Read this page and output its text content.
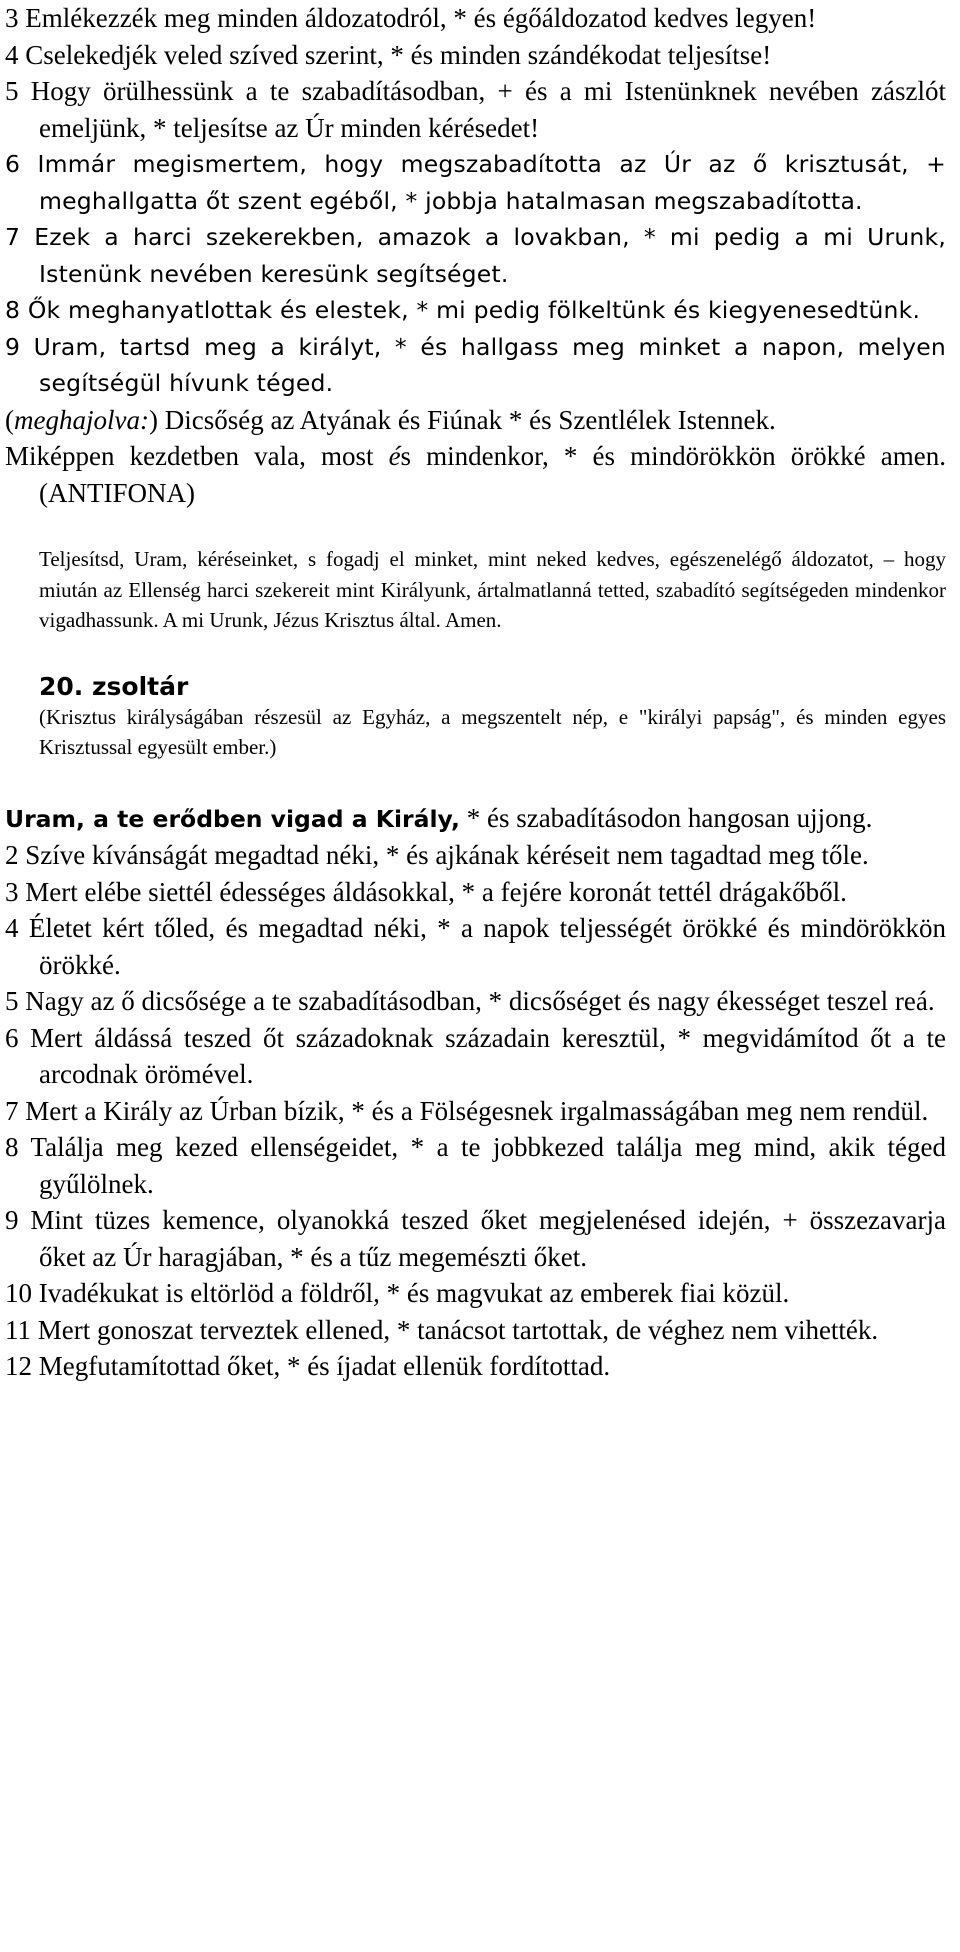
3 Emlékezzék meg minden áldozatodról, * és égőáldozatod kedves legyen!

4 Cselekedjék veled szíved szerint, * és minden szándékodat teljesítse!

5 Hogy örülhessünk a te szabadításodban, + és a mi Istenünknek nevében zászlót emeljünk, * teljesítse az Úr minden kérésedet!

6 Immár megismertem, hogy megszabadította az Úr az ő krisztusát, + meghallgatta őt szent egéből, * jobbja hatalmasan megszabadította.

7 Ezek a harci szekerekben, amazok a lovakban, * mi pedig a mi Urunk, Istenünk nevében keresünk segítséget.

8 Ők meghanyatlottak és elestek, * mi pedig fölkeltünk és kiegyenesedtünk.

9 Uram, tartsd meg a királyt, * és hallgass meg minket a napon, melyen segítségül hívunk téged.

(meghajolva:) Dicsőség az Atyának és Fiúnak * és Szentlélek Istennek.

Miképpen kezdetben vala, most és mindenkor, * és mindörökkön örökké amen. (ANTIFONA)

Teljesítsd, Uram, kéréseinket, s fogadj el minket, mint neked kedves, egészenelégő áldozatot, – hogy miután az Ellenség harci szekereit mint Királyunk, ártalmatlanná tetted, szabadító segítségeden mindenkor vigadhassunk. A mi Urunk, Jézus Krisztus által. Amen.

20. zsoltár

(Krisztus királyságában részesül az Egyház, a megszentelt nép, e "királyi papság", és minden egyes Krisztussal egyesült ember.)

Uram, a te erődben vigad a Király, * és szabadításodon hangosan ujjong.

2 Szíve kívánságát megadtad néki, * és ajkának kéréseit nem tagadtad meg tőle.

3 Mert elébe siettél édességes áldásokkal, * a fejére koronát tettél drágakőből.

4 Életet kért tőled, és megadtad néki, * a napok teljességét örökké és mindörökkön örökké.

5 Nagy az ő dicsősége a te szabadításodban, * dicsőséget és nagy ékességet teszel reá.

6 Mert áldássá teszed őt századoknak századain keresztül, * megvidámítod őt a te arcodnak örömével.

7 Mert a Király az Úrban bízik, * és a Fölségesnek irgalmasságában meg nem rendül.

8 Találja meg kezed ellenségeidet, * a te jobbkezed találja meg mind, akik téged gyűlölnek.

9 Mint tüzes kemence, olyanokká teszed őket megjelenésed idején, + összezavarja őket az Úr haragjában, * és a tűz megemészti őket.

10 Ivadékukat is eltörlöd a földről, * és magvukat az emberek fiai közül.

11 Mert gonoszat terveztek ellened, * tanácsot tartottak, de véghez nem vihették.

12 Megfutamítottad őket, * és íjadat ellenük fordítottad.
